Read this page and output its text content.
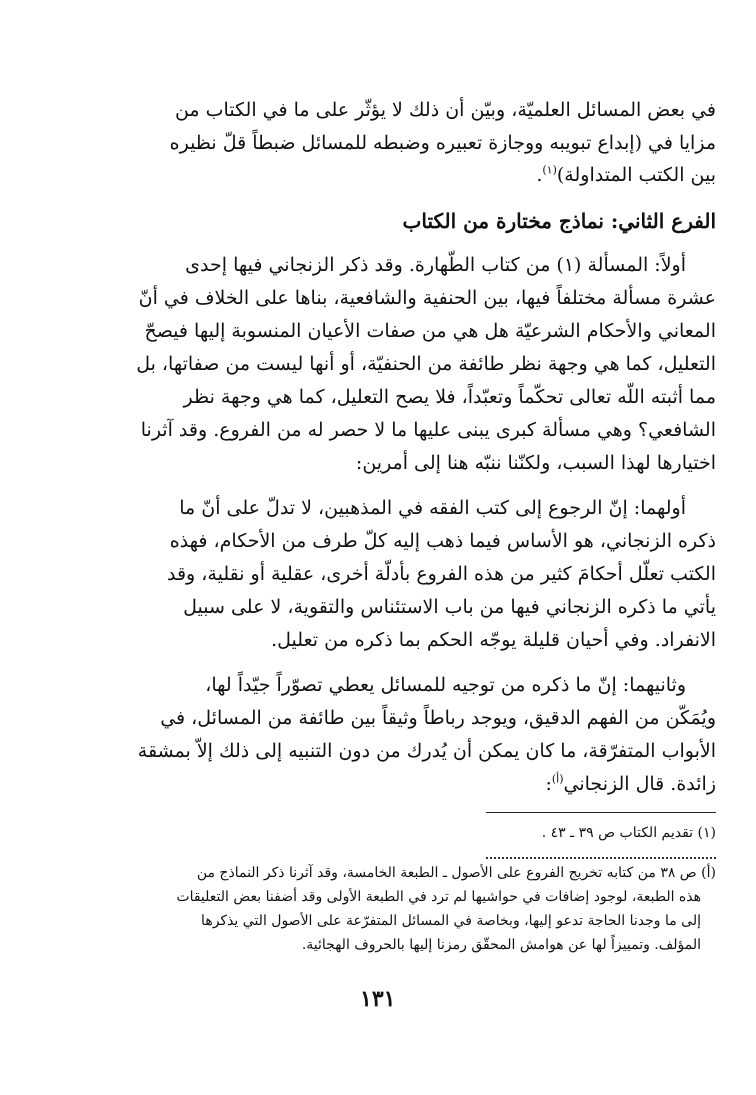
في بعض المسائل العلميّة، وبيّن أن ذلك لا يؤثّر على ما في الكتاب من
مزايا في (إبداع تبويبه ووجازة تعبيره وضبطه للمسائل ضبطاً قلّ نظيره
بين الكتب المتداولة)$^{(١)}$.
الفرع الثاني: نماذج مختارة من الكتاب
أولاً: المسألة (١) من كتاب الطّهارة. وقد ذكر الزنجاني فيها إحدى
عشرة مسألة مختلفاً فيها، بين الحنفية والشافعية، بناها على الخلاف في أنّ
المعاني والأحكام الشرعيّة هل هي من صفات الأعيان المنسوبة إليها فيصحّ
التعليل، كما هي وجهة نظر طائفة من الحنفيّة، أو أنها ليست من صفاتها، بل
مما أثبته اللّه تعالى تحكّماً وتعبّداً، فلا يصح التعليل، كما هي وجهة نظر
الشافعي؟ وهي مسألة كبرى يبنى عليها ما لا حصر له من الفروع. وقد آثرنا
اختيارها لهذا السبب، ولكنّنا ننبّه هنا إلى أمرين:
أولهما: إنّ الرجوع إلى كتب الفقه في المذهبين، لا تدلّ على أنّ ما
ذكره الزنجاني، هو الأساس فيما ذهب إليه كلّ طرف من الأحكام، فهذه
الكتب تعلّل أحكامَ كثير من هذه الفروع بأدلّة أخرى، عقلية أو نقلية، وقد
يأتي ما ذكره الزنجاني فيها من باب الاستئناس والتقوية، لا على سبيل
الانفراد. وفي أحيان قليلة يوجّه الحكم بما ذكره من تعليل.
وثانيهما: إنّ ما ذكره من توجيه للمسائل يعطي تصوّراً جيّداً لها،
ويُمَكّن من الفهم الدقيق، ويوجد رباطاً وثيقاً بين طائفة من المسائل، في
الأبواب المتفرّقة، ما كان يمكن أن يُدرك من دون التنبيه إلى ذلك إلاّ بمشقة
زائدة. قال الزنجاني$^{(أ)}$:
(١) تقديم الكتاب ص ٣٩ ـ ٤٣ .
(أ) ص ٣٨ من كتابه تخريج الفروع على الأصول ـ الطبعة الخامسة، وقد آثرنا ذكر النماذج من
هذه الطبعة، لوجود إضافات في حواشيها لم ترد في الطبعة الأولى وقد أضفنا بعض التعليقات
إلى ما وجدنا الحاجة تدعو إليها، وبخاصة في المسائل المتفرّعة على الأصول التي يذكرها
المؤلف. وتمييزاً لها عن هوامش المحقّق رمزنا إليها بالحروف الهجائية.
١٣١
